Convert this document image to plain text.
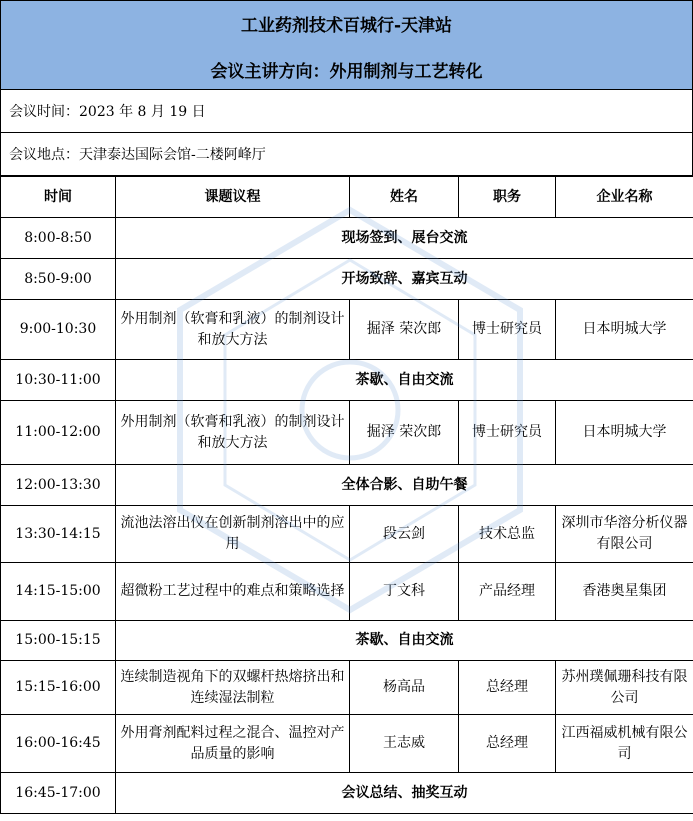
工业药剂技术百城行-天津站
会议主讲方向：外用制剂与工艺转化
会议时间：2023 年 8 月 19 日
会议地点：天津泰达国际会馆-二楼阿峰厅
时间	课题议程	姓名	职务	企业名称
8:00-8:50	现场签到、展台交流			
8:50-9:00	开场致辞、嘉宾互动			
9:00-10:30	外用制剂（软膏和乳液）的制剂设计和放大方法	掘泽 荣次郎	博士研究员	日本明城大学
10:30-11:00	茶歇、自由交流			
11:00-12:00	外用制剂（软膏和乳液）的制剂设计和放大方法	掘泽 荣次郎	博士研究员	日本明城大学
12:00-13:30	全体合影、自助午餐			
13:30-14:15	流池法溶出仪在创新制剂溶出中的应用	段云剑	技术总监	深圳市华溶分析仪器有限公司
14:15-15:00	超微粉工艺过程中的难点和策略选择	丁文科	产品经理	香港奥星集团
15:00-15:15	茶歇、自由交流			
15:15-16:00	连续制造视角下的双螺杆热熔挤出和连续湿法制粒	杨高品	总经理	苏州璞佩珊科技有限公司
16:00-16:45	外用膏剂配料过程之混合、温控对产品质量的影响	王志威	总经理	江西福威机械有限公司
16:45-17:00	会议总结、抽奖互动			
